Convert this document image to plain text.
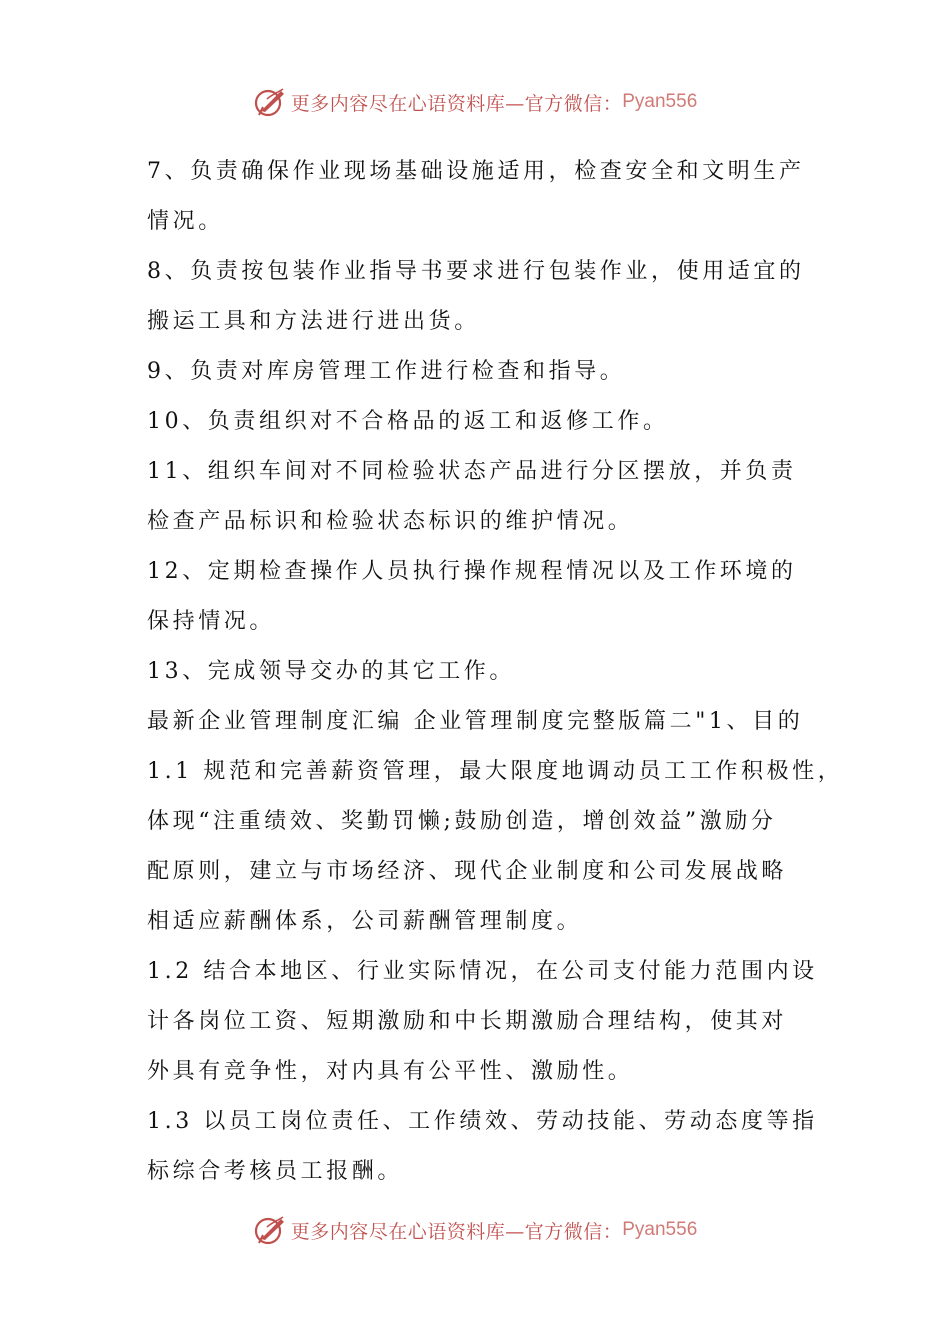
更多内容尽在心语资料库—官方微信： Pyan556
7、负责确保作业现场基础设施适用，检查安全和文明生产
情况。
8、负责按包装作业指导书要求进行包装作业，使用适宜的
搬运工具和方法进行进出货。
9、负责对库房管理工作进行检查和指导。
10、负责组织对不合格品的返工和返修工作。
11、组织车间对不同检验状态产品进行分区摆放，并负责
检查产品标识和检验状态标识的维护情况。
12、定期检查操作人员执行操作规程情况以及工作环境的
保持情况。
13、完成领导交办的其它工作。
最新企业管理制度汇编 企业管理制度完整版篇二"1、目的
1.1 规范和完善薪资管理，最大限度地调动员工工作积极性，
体现“注重绩效、奖勤罚懒;鼓励创造，增创效益”激励分
配原则，建立与市场经济、现代企业制度和公司发展战略
相适应薪酬体系，公司薪酬管理制度。
1.2 结合本地区、行业实际情况，在公司支付能力范围内设
计各岗位工资、短期激励和中长期激励合理结构，使其对
外具有竞争性，对内具有公平性、激励性。
1.3 以员工岗位责任、工作绩效、劳动技能、劳动态度等指
标综合考核员工报酬。
更多内容尽在心语资料库—官方微信： Pyan556
